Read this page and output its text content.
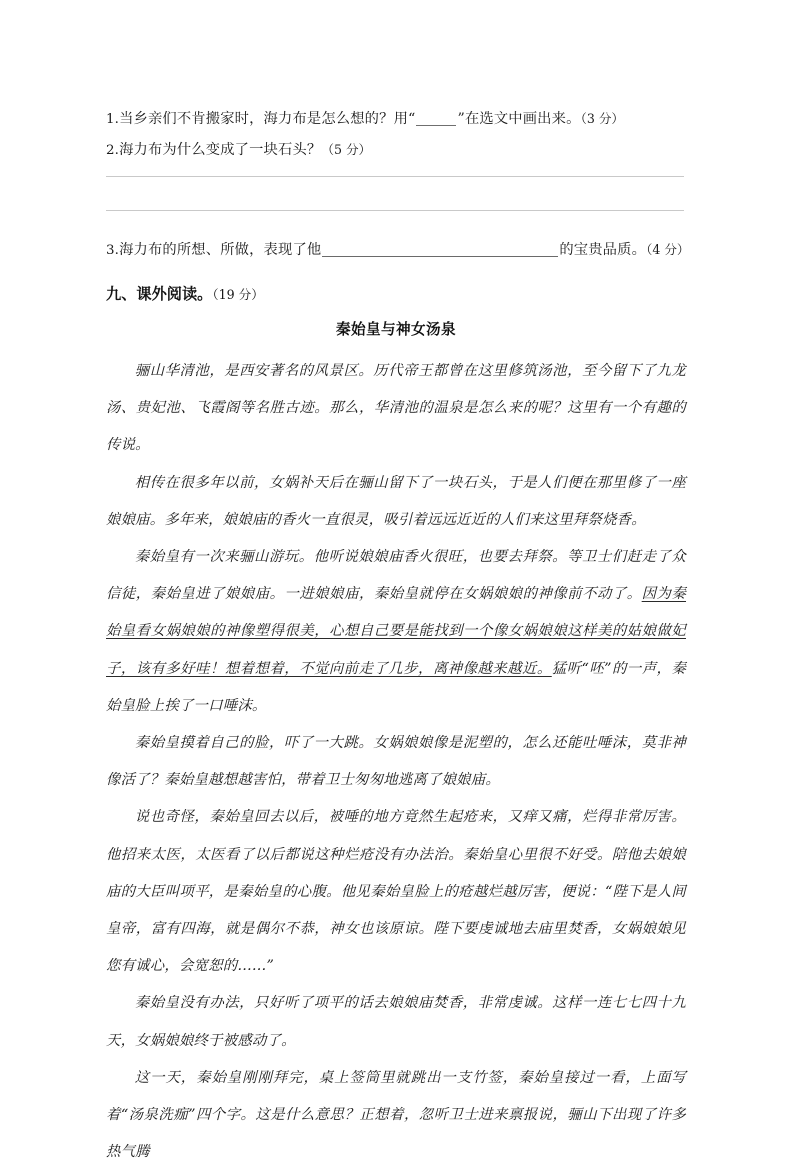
1.当乡亲们不肯搬家时，海力布是怎么想的？用“	”在选文中画出来。（3 分）
2.海力布为什么变成了一块石头？（5 分）
3.海力布的所想、所做，表现了他	的宝贵品质。（4 分）
九、课外阅读。（19 分）
秦始皇与神女汤泉

骊山华清池，是西安著名的风景区。历代帝王都曾在这里修筑汤池，至今留下了九龙汤、贵妃池、飞霞阁等名胜古迹。那么，华清池的温泉是怎么来的呢？这里有一个有趣的传说。

相传在很多年以前，女娲补天后在骊山留下了一块石头，于是人们便在那里修了一座娘娘庙。多年来，娘娘庙的香火一直很灵，吸引着远远近近的人们来这里拜祭烧香。

秦始皇有一次来骊山游玩。他听说娘娘庙香火很旺，也要去拜祭。等卫士们赶走了众信徒，秦始皇进了娘娘庙。一进娘娘庙，秦始皇就停在女娲娘娘的神像前不动了。因为秦始皇看女娲娘娘的神像塑得很美，心想自己要是能找到一个像女娲娘娘这样美的姑娘做妃子，该有多好哇！想着想着，不觉向前走了几步，离神像越来越近。猛听“呸”的一声，秦始皇脸上挨了一口唾沫。

秦始皇摸着自己的脸，吓了一大跳。女娲娘娘像是泥塑的，怎么还能吐唾沫，莫非神像活了？秦始皇越想越害怕，带着卫士匆匆地逃离了娘娘庙。

说也奇怪，秦始皇回去以后，被唾的地方竟然生起疮来，又痒又痛，烂得非常厉害。他招来太医，太医看了以后都说这种烂疮没有办法治。秦始皇心里很不好受。陪他去娘娘庙的大臣叫项平，是秦始皇的心腹。他见秦始皇脸上的疮越烂越厉害，便说：“陛下是人间皇帝，富有四海，就是偶尔不恭，神女也该原谅。陛下要虔诚地去庙里焚香，女娲娘娘见您有诚心，会宽恕的……”

秦始皇没有办法，只好听了项平的话去娘娘庙焚香，非常虔诚。这样一连七七四十九天，女娲娘娘终于被感动了。

这一天，秦始皇刚刚拜完，桌上签筒里就跳出一支竹签，秦始皇接过一看，上面写着“汤泉洗痂”四个字。这是什么意思？正想着，忽听卫士进来禀报说，骊山下出现了许多热气腾
